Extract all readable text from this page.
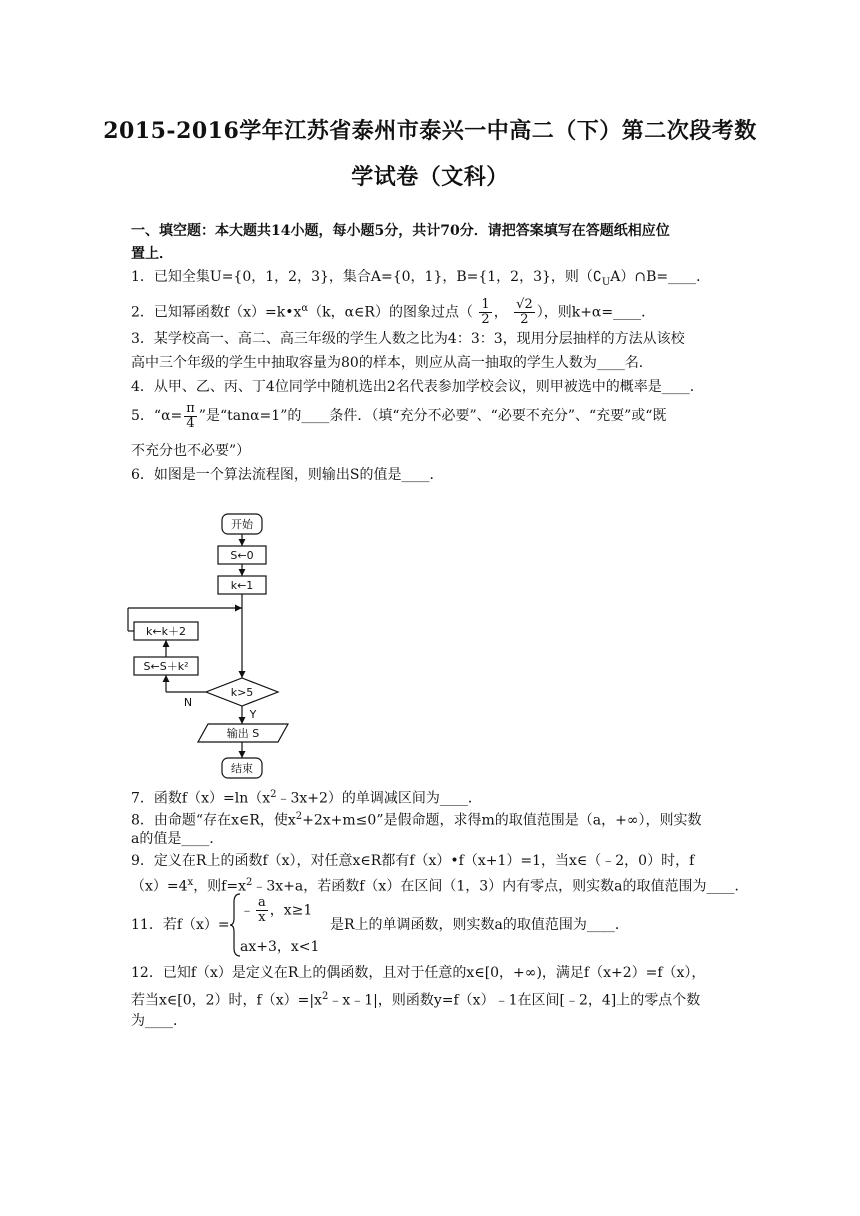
2015-2016学年江苏省泰州市泰兴一中高二（下）第二次段考数
学试卷（文科）
一、填空题：本大题共14小题，每小题5分，共计70分．请把答案填写在答题纸相应位
置上．
1．已知全集U={0，1，2，3}，集合A={0，1}，B={1，2，3}，则$(∁_UA)\cap B=\_\_\_\_$．
2．已知幂函数$f(x)=k•x^\alpha(k$，α∈R）的图象过点（ $\frac{1}{2}$ ， $\frac{√2}{2}$ ），则k+α=____．
3．某学校高一、高二、高三年级的学生人数之比为4：3：3，现用分层抽样的方法从该校
高中三个年级的学生中抽取容量为80的样本，则应从高一抽取的学生人数为____名．
4．从甲、乙、丙、丁4位同学中随机选出2名代表参加学校会议，则甲被选中的概率是____．
5．“$\alpha= \frac{\pi}{4}$ ”是“tanα=1”的____条件．（填“充分不必要”、“必要不充分”、“充要”或“既
不充分也不必要”）
6．如图是一个算法流程图，则输出S的值是____．
开始
S←0
k←1
k←k＋2
S←S＋k²
k>5
N
Y
输出 S
结束
7．函数$f(x)=\ln(x^2﹣3x+2)$的单调减区间为____．
8．由命题“存在x∈R，使$x^2+2x+m\le 0$”是假命题，求得m的取值范围是（a，+∞），则实数
a的值是____．
9．定义在R上的函数f（x），对任意x∈R都有f（x）•f（x+1）=1，当x∈（﹣2，0）时，f
$(x)=4^x$，则$f=x^2﹣3x+a$，若函数f（x）在区间（1，3）内有零点，则实数a的取值范围为____．
11．若f（x）=
﹣ $\frac{a}{x}$ ，x≥1
ax+3，x<1
是R上的单调函数，则实数a的取值范围为____．
12．已知f（x）是定义在R上的偶函数，且对于任意的x∈[0，+∞)，满足f（x+2）=f（x），
若当x∈[0，2）时，$f(x)=|x^2﹣x﹣1|$，则函数y=f（x）﹣1在区间[﹣2，4]上的零点个数
为____．
